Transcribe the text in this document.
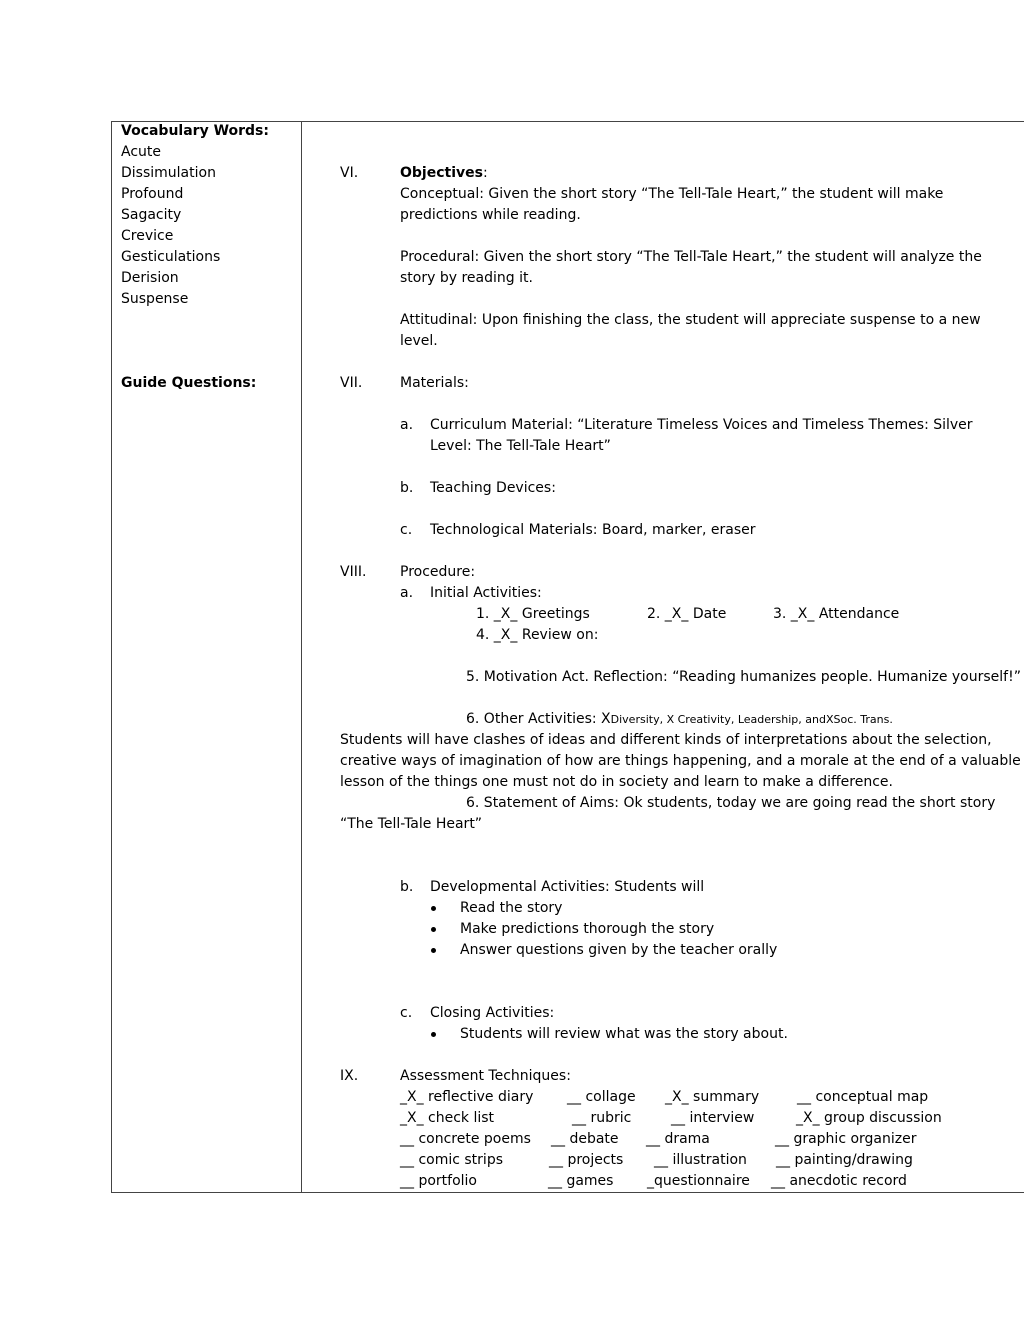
Vocabulary Words:
Acute
Dissimulation
Profound
Sagacity
Crevice
Gesticulations
Derision
Suspense
Guide Questions:
VI.	Objectives:
Conceptual: Given the short story “The Tell-Tale Heart,” the student will make
predictions while reading.
Procedural: Given the short story “The Tell-Tale Heart,” the student will analyze the
story by reading it.
Attitudinal: Upon finishing the class, the student will appreciate suspense to a new
level.
VII.	Materials:
a. Curriculum Material: “Literature Timeless Voices and Timeless Themes: Silver
Level: The Tell-Tale Heart”
b. Teaching Devices:
c. Technological Materials: Board, marker, eraser
VIII. Procedure:
a. Initial Activities:
1. _X_ Greetings	2. _X_ Date	3. _X_ Attendance
4. _X_ Review on:
5. Motivation Act. Reflection: “Reading humanizes people. Humanize yourself!”
6. Other Activities: XDiversity, X Creativity, Leadership, andXSoc. Trans.
Students will have clashes of ideas and different kinds of interpretations about the selection,
creative ways of imagination of how are things happening, and a morale at the end of a valuable
lesson of the things one must not do in society and learn to make a difference.
6. Statement of Aims: Ok students, today we are going read the short story
“The Tell-Tale Heart”
b. Developmental Activities: Students will
Read the story
Make predictions thorough the story
Answer questions given by the teacher orally
c. Closing Activities:
Students will review what was the story about.
IX.	Assessment Techniques:
_X_ reflective diary __ collage _X_ summary	__ conceptual map
_X_ check list	__ rubric	__ interview	_X_ group discussion
__ concrete poems __ debate __ drama	__ graphic organizer
__ comic strips	__ projects __ illustration __ painting/drawing
__ portfolio	__ games _questionnaire __ anecdotic record
